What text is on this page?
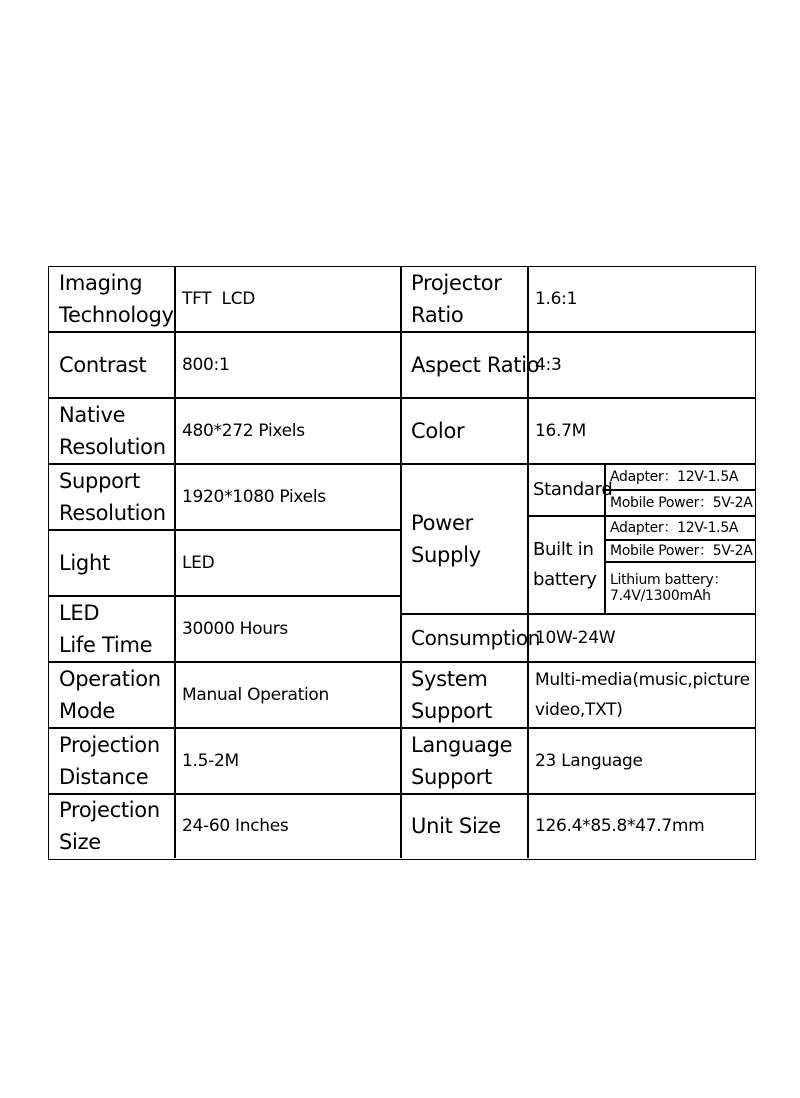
Imaging
Technology
TFT  LCD
Contrast 800:1
Native
Resolution
480*272 Pixels
Support
Resolution
1920*1080 Pixels
Light	LED
LED
Life Time
30000 Hours
Operation
Mode
Manual Operation
Projection
Distance
1.5-2M
Projection
Size
24-60 Inches
Projector
Ratio
1.6:1
Aspect Ratio
4:3
Color	16.7M
Power
Supply
Standard
Adapter：12V-1.5A
Mobile Power：5V-2A
Built in
battery
Adapter：12V-1.5A
Mobile Power：5V-2A
Lithium battery：
7.4V/1300mAh
Consumption
10W-24W
System
Support
Multi-media(music,picture
video,TXT)
Language
Support
23 Language
Unit Size 126.4*85.8*47.7mm
